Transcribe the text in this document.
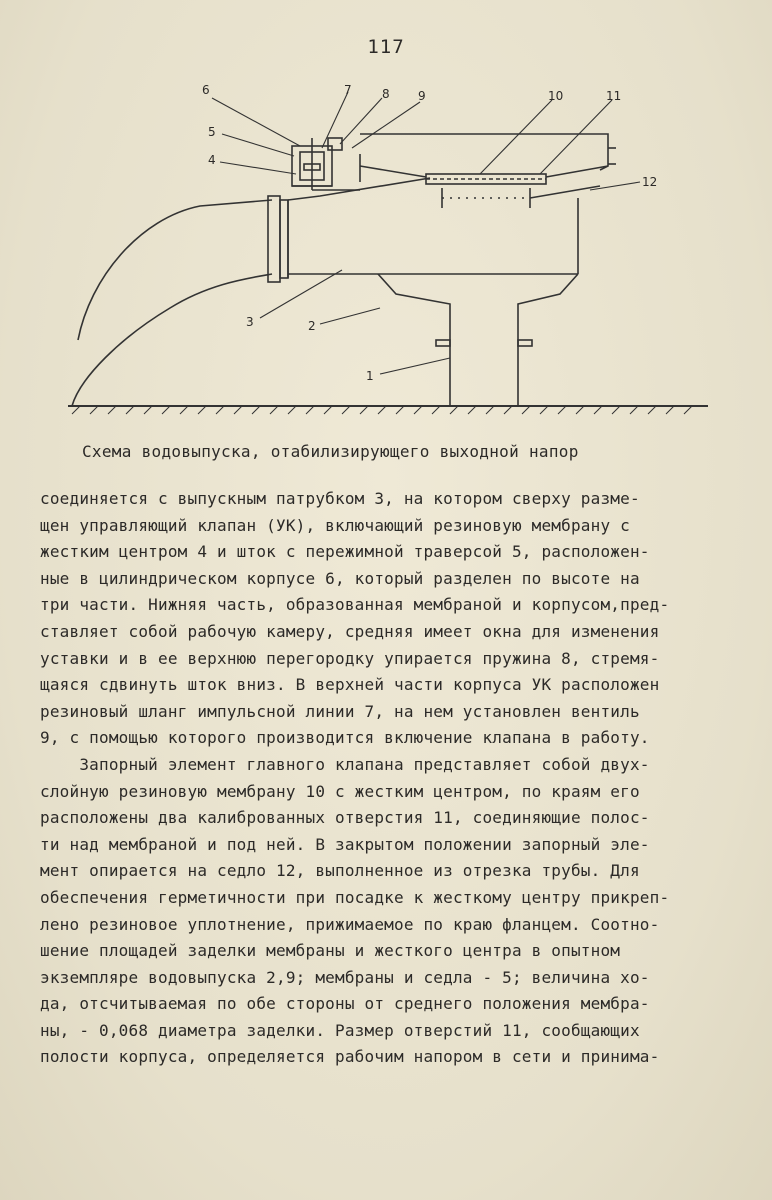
117
6
5
4
7	8 9	10	11
12
3	2
1
Схема водовыпуска, отабилизирующего выходной напор
соединяется с выпускным патрубком 3, на котором сверху разме-
щен управляющий клапан (УК), включающий резиновую мембрану с
жестким центром 4 и шток с пережимной траверсой 5, расположен-
ные в цилиндрическом корпусе 6, который разделен по высоте на
три части. Нижняя часть, образованная мембраной и корпусом,пред-
ставляет собой рабочую камеру, средняя имеет окна для изменения
уставки и в ее верхнюю перегородку упирается пружина 8, стремя-
щаяся сдвинуть шток вниз. В верхней части корпуса УК расположен
резиновый шланг импульсной линии 7, на нем установлен вентиль
9, с помощью которого производится включение клапана в работу.
Запорный элемент главного клапана представляет собой двух-
слойную резиновую мембрану 10 с жестким центром, по краям его
расположены два калиброванных отверстия 11, соединяющие полос-
ти над мембраной и под ней. В закрытом положении запорный эле-
мент опирается на седло 12, выполненное из отрезка трубы. Для
обеспечения герметичности при посадке к жесткому центру прикреп-
лено резиновое уплотнение, прижимаемое по краю фланцем. Соотно-
шение площадей заделки мембраны и жесткого центра в опытном
экземпляре водовыпуска 2,9; мембраны и седла - 5; величина хо-
да, отсчитываемая по обе стороны от среднего положения мембра-
ны, - 0,068 диаметра заделки. Размер отверстий 11, сообщающих
полости корпуса, определяется рабочим напором в сети и принима-
